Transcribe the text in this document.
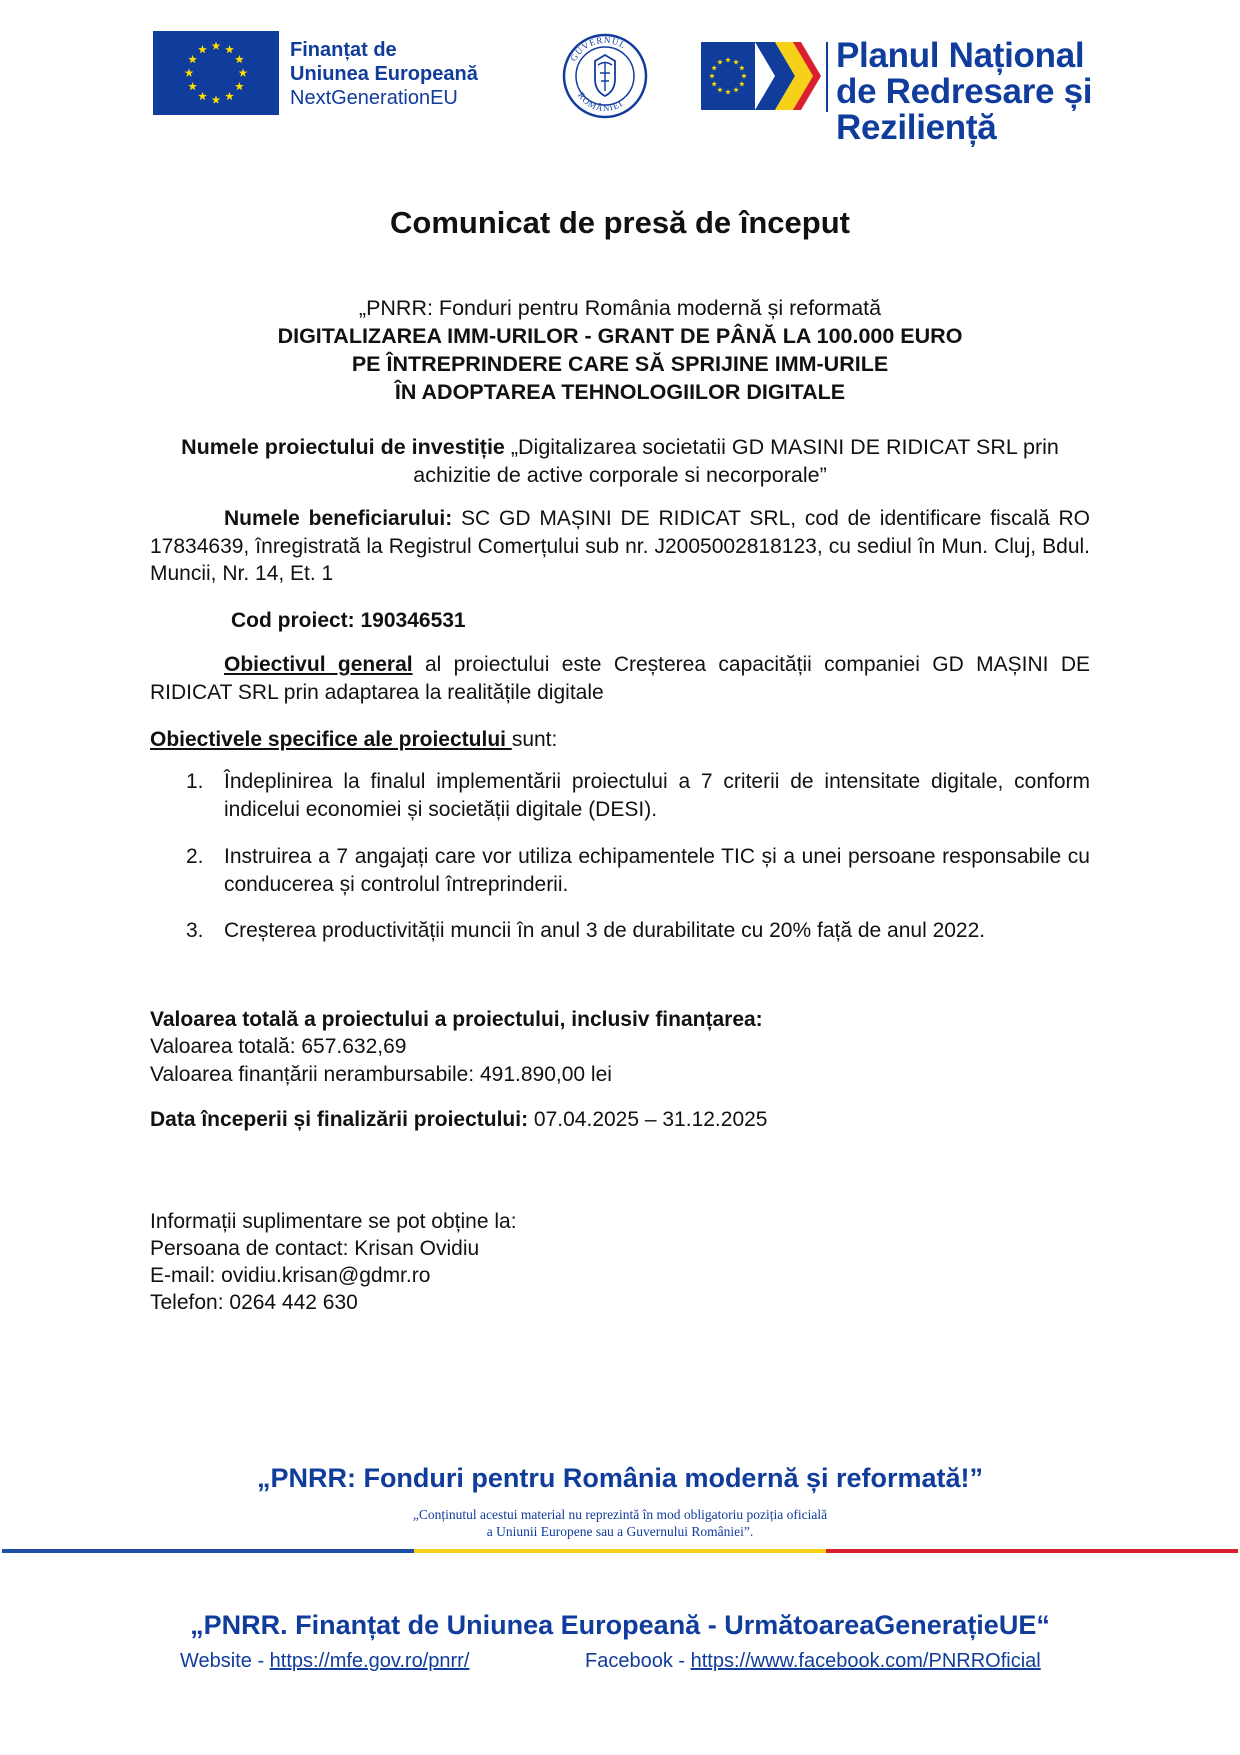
Finanțat de
Uniunea Europeană
NextGenerationEU
GUVERNUL
ROMÂNIEI
Planul Național
de Redresare și Reziliență
Comunicat de presă de început
„PNRR: Fonduri pentru România modernă și reformată
DIGITALIZAREA IMM-URILOR - GRANT DE PÂNĂ LA 100.000 EURO
PE ÎNTREPRINDERE CARE SĂ SPRIJINE IMM-URILE
ÎN ADOPTAREA TEHNOLOGIILOR DIGITALE
Numele proiectului de investiție „Digitalizarea societatii GD MASINI DE RIDICAT SRL prin achizitie de active corporale si necorporale”
Numele beneficiarului: SC GD MAȘINI DE RIDICAT SRL, cod de identificare fiscală RO 17834639, înregistrată la Registrul Comerțului sub nr. J2005002818123, cu sediul în Mun. Cluj, Bdul. Muncii, Nr. 14, Et. 1
Cod proiect: 190346531
Obiectivul general al proiectului este Creșterea capacității companiei GD MAȘINI DE RIDICAT SRL prin adaptarea la realitățile digitale
Obiectivele specifice ale proiectului sunt:
1. Îndeplinirea la finalul implementării proiectului a 7 criterii de intensitate digitale, conform indicelui economiei și societății digitale (DESI).
2. Instruirea a 7 angajați care vor utiliza echipamentele TIC și a unei persoane responsabile cu conducerea și controlul întreprinderii.
3. Creșterea productivității muncii în anul 3 de durabilitate cu 20% față de anul 2022.
Valoarea totală a proiectului a proiectului, inclusiv finanțarea:
Valoarea totală: 657.632,69
Valoarea finanțării nerambursabile: 491.890,00 lei
Data începerii și finalizării proiectului: 07.04.2025 – 31.12.2025
Informații suplimentare se pot obține la:
Persoana de contact: Krisan Ovidiu
E-mail: ovidiu.krisan@gdmr.ro
Telefon: 0264 442 630
„PNRR: Fonduri pentru România modernă și reformată!”
„Conținutul acestui material nu reprezintă în mod obligatoriu poziția oficială
a Uniunii Europene sau a Guvernului României”.
„PNRR. Finanțat de Uniunea Europeană - UrmătoareaGenerațieUE“
Website - https://mfe.gov.ro/pnrr/	Facebook - https://www.facebook.com/PNRROficial
